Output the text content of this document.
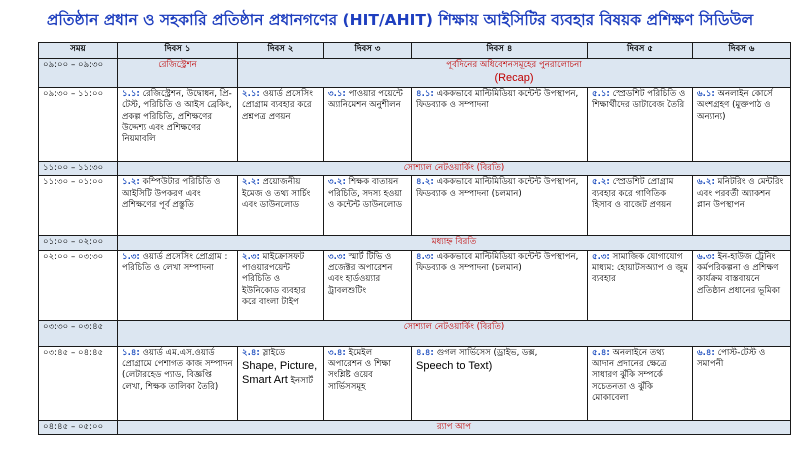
প্রতিষ্ঠান প্রধান ও সহকারি প্রতিষ্ঠান প্রধানগণের (HIT/AHIT) শিক্ষায় আইসিটির ব্যবহার বিষয়ক প্রশিক্ষণ সিডিউল
সময়	দিবস ১	দিবস ২	দিবস ৩	দিবস ৪	দিবস ৫	দিবস ৬
০৯:০০ – ০৯:৩০	রেজিস্ট্রেশন	পূর্বদিনের অধিবেশনসমূহের পুনরালোচনা
(Recap)				
০৯:৩০ – ১১:০০	১.১: রেজিস্ট্রেশন, উদ্বোধন, প্রি-টেস্ট, পরিচিতি ও আইস ব্রেকিং, প্রকল্প পরিচিতি, প্রশিক্ষণের উদ্দেশ্য এবং প্রশিক্ষণের নিয়মাবলি	২.১: ওয়ার্ড প্রসেসিং প্রোগ্রাম ব্যবহার করে প্রশ্নপত্র প্রণয়ন	৩.১: পাওয়ার পয়েন্টে অ্যানিমেশন অনুশীলন	৪.১: এককভাবে মাল্টিমিডিয়া কন্টেন্ট উপস্থাপন, ফিডব্যাক ও সম্পাদনা	৫.১: স্প্রেডশিট পরিচিতি ও শিক্ষার্থীদের ডাটাবেজ তৈরি	৬.১: অনলাইন কোর্সে অংশগ্রহণ (মুক্তপাঠ ও অন্যান্য)
১১:০০ – ১১:৩০	সোশ্যাল নেটওয়ার্কিং (বিরতি)					
১১:৩০ – ০১:০০	১.২: কম্পিউটার পরিচিতি ও আইসিটি উপকরণ এবং প্রশিক্ষণের পূর্ব প্রস্তুতি	২.২: প্রয়োজনীয় ইমেজ ও তথ্য সার্চিং এবং ডাউনলোড	৩.২: শিক্ষক বাতায়ন পরিচিতি, সদস্য হওয়া ও কন্টেন্ট ডাউনলোড	৪.২: এককভাবে মাল্টিমিডিয়া কন্টেন্ট উপস্থাপন, ফিডব্যাক ও সম্পাদনা (চলমান)	৫.২: স্প্রেডশিট প্রোগ্রাম ব্যবহার করে গাণিতিক হিসাব ও বাজেট প্রণয়ন	৬.২: মনিটরিং ও মেন্টরিং এবং পরবর্তী অ্যাকশন প্লান উপস্থাপন
০১:০০ – ০২:০০	মধ্যাহ্ন বিরতি					
০২:০০ – ০৩:৩০	১.৩: ওয়ার্ড প্রসেসিং প্রোগ্রাম : পরিচিতি ও লেখা সম্পাদনা	২.৩: মাইক্রোসফট পাওয়ারপয়েন্ট পরিচিতি ও ইউনিকোড ব্যবহার করে বাংলা টাইপ	৩.৩: স্মার্ট টিভি ও প্রজেক্টর অপারেশন এবং হার্ডওয়্যার ট্রাবলশুটিং	৪.৩: এককভাবে মাল্টিমিডিয়া কন্টেন্ট উপস্থাপন, ফিডব্যাক ও সম্পাদনা (চলমান)	৫.৩: সামাজিক যোগাযোগ মাধ্যম: হোয়াটসঅ্যাপ ও জুম ব্যবহার	৬.৩: ইন-হাউজ ট্রেনিং কর্মপরিকল্পনা ও প্রশিক্ষণ কার্যক্রম বাস্তবায়নে প্রতিষ্ঠান প্রধানের ভূমিকা
০৩:৩০ – ০৩:৪৫	সোশ্যাল নেটওয়ার্কিং (বিরতি)					
০৩:৪৫ – ০৪:৪৫	১.৪: ওয়ার্ড এম.এস.ওয়ার্ড প্রোগ্রামে পেশাগত কাজ সম্পাদন (লেটারহেড প্যাড, বিজ্ঞপ্তি লেখা, শিক্ষক তালিকা তৈরি)	২.৪: স্লাইডে
Shape, Picture, Smart Art ইনসার্ট	৩.৪: ইমেইল অপারেশন ও শিক্ষা সংশ্লিষ্ট ওয়েব সার্ভিসসমূহ	৪.৪: গুগল সার্ভিসেস (ড্রাইভ, ডক্স,
Speech to Text)	৫.৪: অনলাইনে তথ্য আদান প্রদানের ক্ষেত্রে সাধারণ ঝুঁকি সম্পর্কে সচেতনতা ও ঝুঁকি মোকাবেলা	৬.৪: পোস্ট-টেস্ট ও সমাপনী
০৪:৪৫ – ০৫:০০	র‍্যাপ আপ					
